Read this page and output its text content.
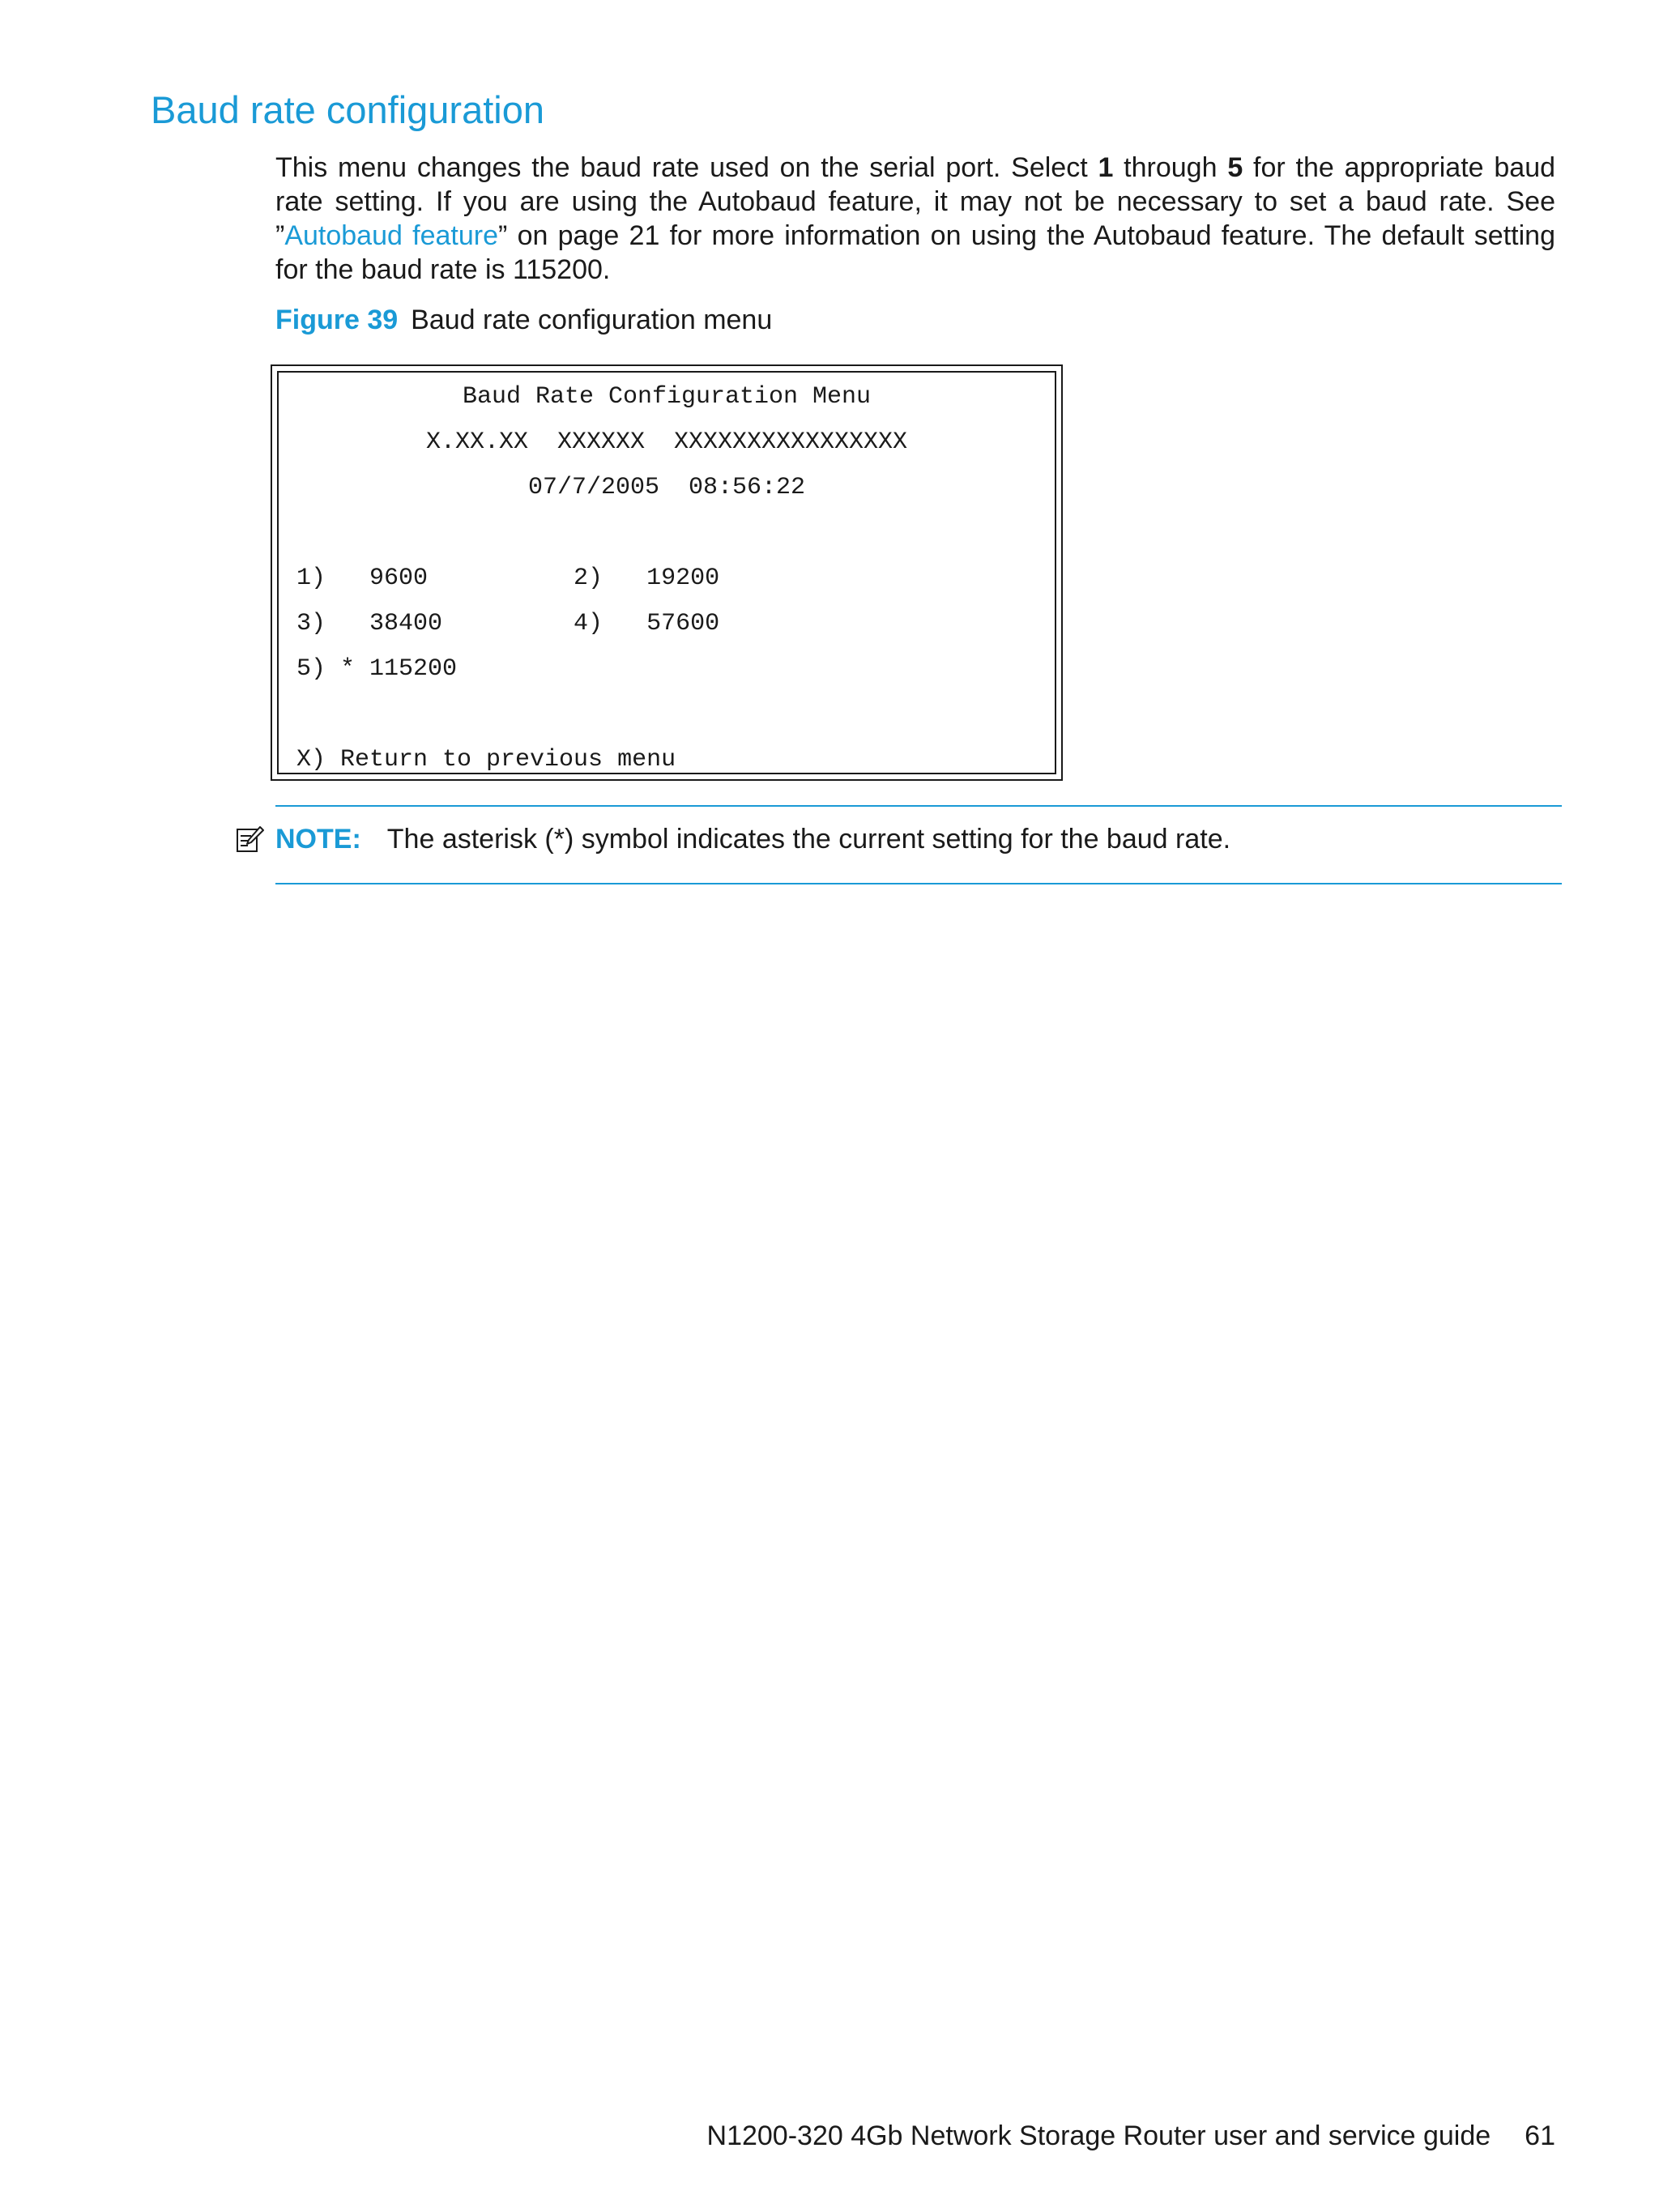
Baud rate configuration

This menu changes the baud rate used on the serial port. Select 1 through 5 for the appropriate baud rate setting. If you are using the Autobaud feature, it may not be necessary to set a baud rate. See ”Autobaud feature” on page 21 for more information on using the Autobaud feature. The default setting for the baud rate is 115200.

Figure 39 Baud rate configuration menu

Baud Rate Configuration Menu
X.XX.XX  XXXXXX  XXXXXXXXXXXXXXXX
07/7/2005  08:56:22
1)   9600          2)   19200
3)   38400         4)   57600
5) * 115200
X) Return to previous menu
NOTE: The asterisk (*) symbol indicates the current setting for the baud rate.
N1200-320 4Gb Network Storage Router user and service guide 61
